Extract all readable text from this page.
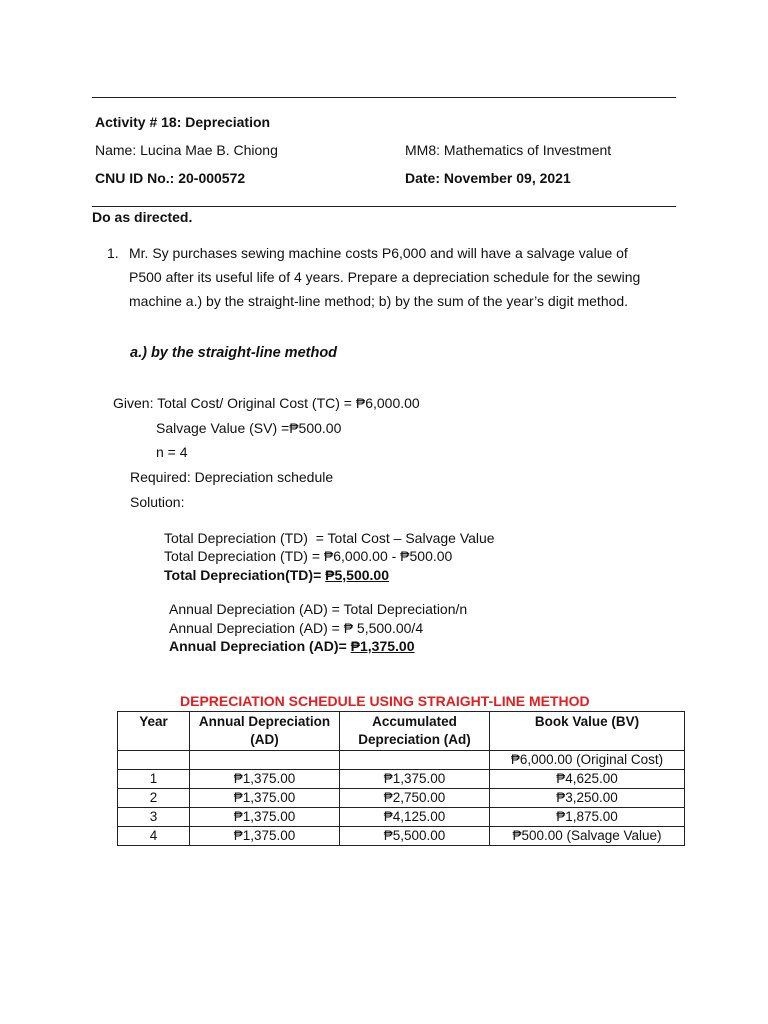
Activity # 18: Depreciation
Name: Lucina Mae B. Chiong	MM8: Mathematics of Investment
CNU ID No.: 20-000572	Date: November 09, 2021
Do as directed.
1. Mr. Sy purchases sewing machine costs P6,000 and will have a salvage value of
P500 after its useful life of 4 years. Prepare a depreciation schedule for the sewing
machine a.) by the straight-line method; b) by the sum of the year’s digit method.
a.) by the straight-line method
Given: Total Cost/ Original Cost (TC) = ₱6,000.00
Salvage Value (SV) =₱500.00
n = 4
Required: Depreciation schedule
Solution:
Total Depreciation (TD)  = Total Cost – Salvage Value
Total Depreciation (TD) = ₱6,000.00 - ₱500.00
Total Depreciation(TD)= ₱5,500.00
Annual Depreciation (AD) = Total Depreciation/n
Annual Depreciation (AD) = ₱ 5,500.00/4
Annual Depreciation (AD)= ₱1,375.00
DEPRECIATION SCHEDULE USING STRAIGHT-LINE METHOD
Year	Annual Depreciation (AD)	Accumulated Depreciation (Ad)	Book Value (BV)
			₱6,000.00 (Original Cost)
1	₱1,375.00	₱1,375.00	₱4,625.00
2	₱1,375.00	₱2,750.00	₱3,250.00
3	₱1,375.00	₱4,125.00	₱1,875.00
4	₱1,375.00	₱5,500.00	₱500.00 (Salvage Value)
